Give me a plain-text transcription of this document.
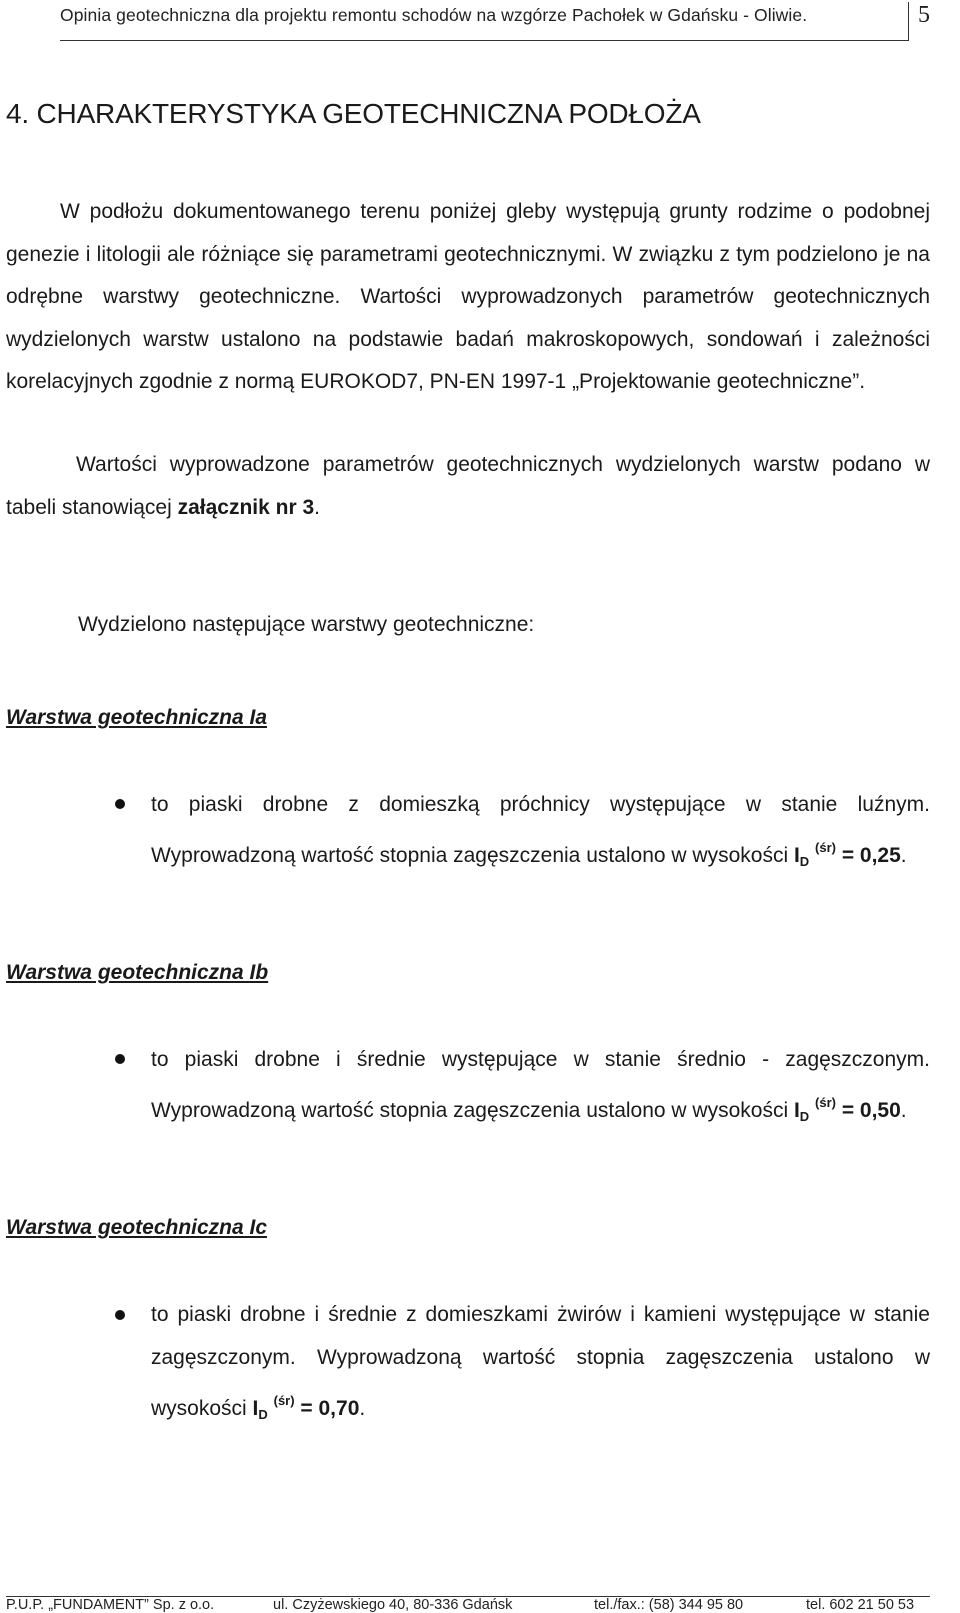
Opinia geotechniczna dla projektu remontu schodów na wzgórze Pachołek w Gdańsku - Oliwie.	5
4. CHARAKTERYSTYKA GEOTECHNICZNA PODŁOŻA

W podłożu dokumentowanego terenu poniżej gleby występują grunty rodzime o podobnej genezie i litologii ale różniące się parametrami geotechnicznymi. W związku z tym podzielono je na odrębne warstwy geotechniczne. Wartości wyprowadzonych parametrów geotechnicznych wydzielonych warstw ustalono na podstawie badań makroskopowych, sondowań i zależności korelacyjnych zgodnie z normą EUROKOD7, PN-EN 1997-1 „Projektowanie geotechniczne”.

Wartości wyprowadzone parametrów geotechnicznych wydzielonych warstw podano w tabeli stanowiącej załącznik nr 3.

Wydzielono następujące warstwy geotechniczne:

Warstwa geotechniczna Ia

to piaski drobne z domieszką próchnicy występujące w stanie luźnym. Wyprowadzoną wartość stopnia zagęszczenia ustalono w wysokości $I_D$ $^{(śr)}$ = 0,25.

Warstwa geotechniczna Ib

to piaski drobne i średnie występujące w stanie średnio - zagęszczonym. Wyprowadzoną wartość stopnia zagęszczenia ustalono w wysokości $I_D$ $^{(śr)}$ = 0,50.

Warstwa geotechniczna Ic

to piaski drobne i średnie z domieszkami żwirów i kamieni występujące w stanie zagęszczonym. Wyprowadzoną wartość stopnia zagęszczenia ustalono w wysokości $I_D$ $^{(śr)}$ = 0,70.

P.U.P. „FUNDAMENT” Sp. z o.o.	ul. Czyżewskiego 40, 80-336 Gdańsk	tel./fax.: (58) 344 95 80	tel. 602 21 50 53
